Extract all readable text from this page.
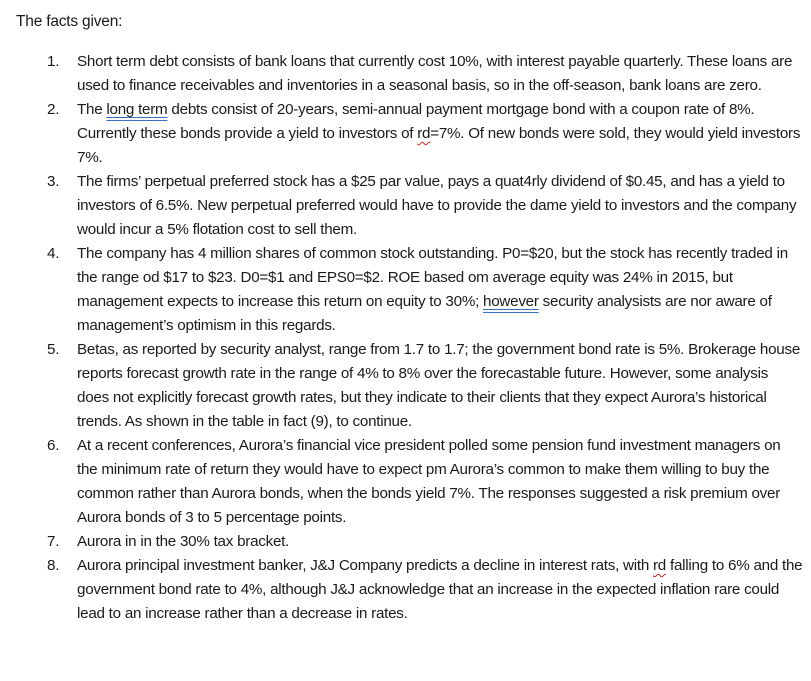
The facts given:
1. Short term debt consists of bank loans that currently cost 10%, with interest payable quarterly. These loans are used to finance receivables and inventories in a seasonal basis, so in the off-season, bank loans are zero.
2. The long term debts consist of 20-years, semi-annual payment mortgage bond with a coupon rate of 8%. Currently these bonds provide a yield to investors of rd=7%. Of new bonds were sold, they would yield investors 7%.
3. The firms’ perpetual preferred stock has a $25 par value, pays a quat4rly dividend of $0.45, and has a yield to investors of 6.5%. New perpetual preferred would have to provide the dame yield to investors and the company would incur a 5% flotation cost to sell them.
4. The company has 4 million shares of common stock outstanding. P0=$20, but the stock has recently traded in the range od $17 to $23. D0=$1 and EPS0=$2. ROE based om average equity was 24% in 2015, but management expects to increase this return on equity to 30%; however security analysists are nor aware of management’s optimism in this regards.
5. Betas, as reported by security analyst, range from 1.7 to 1.7; the government bond rate is 5%. Brokerage house reports forecast growth rate in the range of 4% to 8% over the forecastable future. However, some analysis does not explicitly forecast growth rates, but they indicate to their clients that they expect Aurora’s historical trends. As shown in the table in fact (9), to continue.
6. At a recent conferences, Aurora’s financial vice president polled some pension fund investment managers on the minimum rate of return they would have to expect pm Aurora’s common to make them willing to buy the common rather than Aurora bonds, when the bonds yield 7%. The responses suggested a risk premium over Aurora bonds of 3 to 5 percentage points.
7. Aurora in in the 30% tax bracket.
8. Aurora principal investment banker, J&J Company predicts a decline in interest rats, with rd falling to 6% and the government bond rate to 4%, although J&J acknowledge that an increase in the expected inflation rare could lead to an increase rather than a decrease in rates.
